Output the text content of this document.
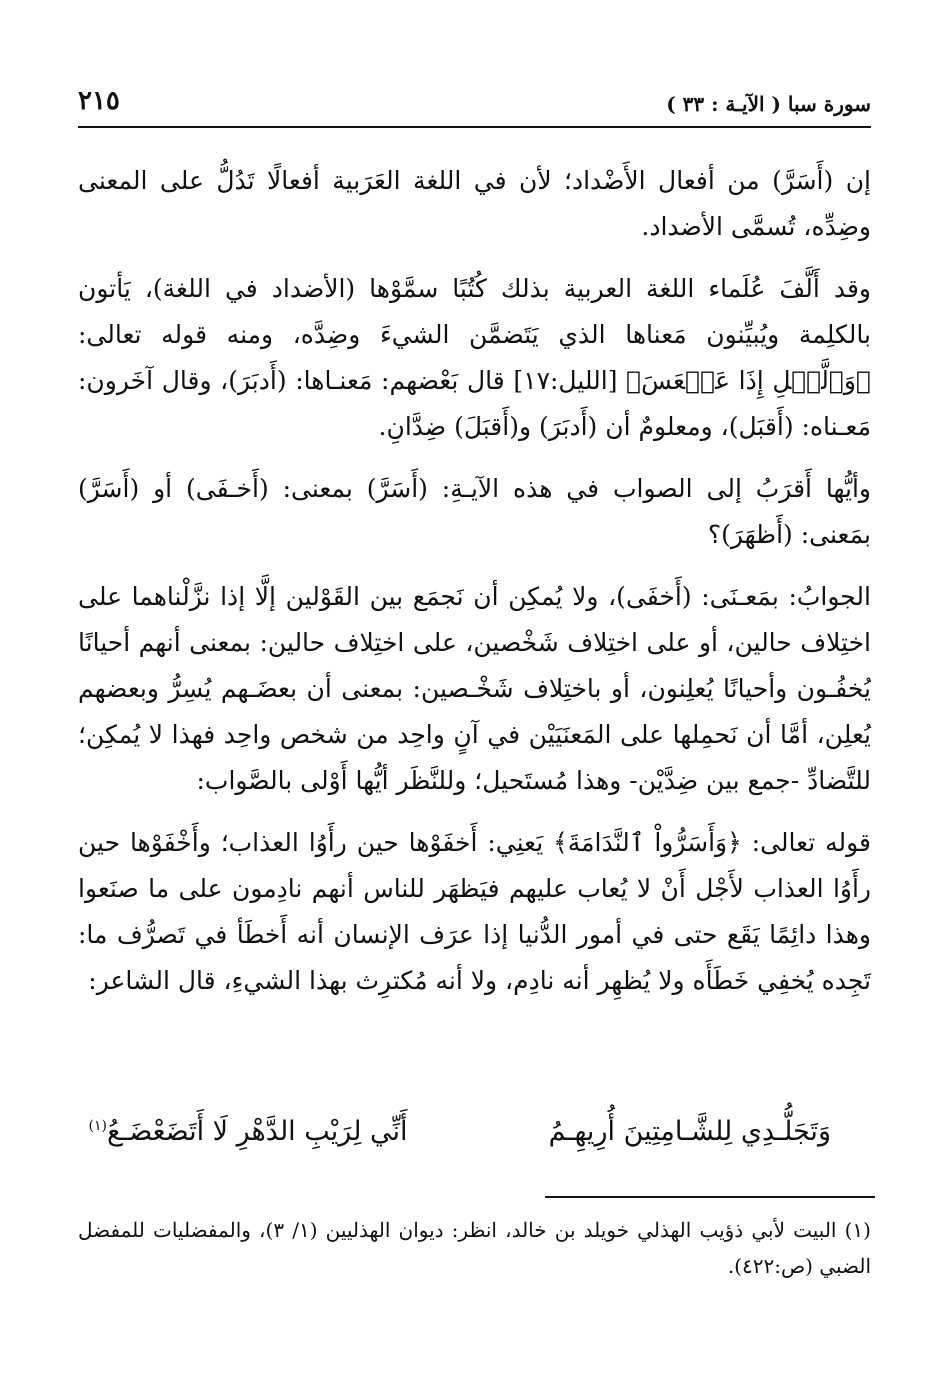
سورة سبا ( الآيـة : ٣٣ )
٢١٥

إن (أَسَرَّ) من أفعال الأَضْداد؛ لأن في اللغة العَرَبية أفعالًا تَدُلُّ على المعنى وضِدِّه، تُسمَّى الأضداد.

وقد أَلَّفَ عُلَماء اللغة العربية بذلك كُتُبًا سمَّوْها (الأضداد في اللغة)، يَأتون بالكلِمة ويُبيِّنون مَعناها الذي يَتَضمَّن الشيءَ وضِدَّه، ومنه قوله تعالى: ﴿وَٱلَّيۡلِ إِذَا عَسۡعَسَ﴾ [الليل:١٧] قال بَعْضهم: مَعنـاها: (أَدبَرَ)، وقال آخَرون: مَعـناه: (أَقبَل)، ومعلومٌ أن (أَدبَرَ) و(أَقبَلَ) ضِدَّانِ.

وأيُّها أَقرَبُ إلى الصواب في هذه الآيـةِ: (أَسَرَّ) بمعنى: (أَخـفَى) أو (أَسَرَّ) بمَعنى: (أَظهَرَ)؟

الجوابُ: بمَعـنَى: (أَخفَى)، ولا يُمكِن أن نَجمَع بين القَوْلين إلَّا إذا نزَّلْناهما على اختِلاف حالين، أو على اختِلاف شَخْصين، على اختِلاف حالين: بمعنى أنهم أحيانًا يُخفُـون وأحيانًا يُعلِنون، أو باختِلاف شَخْـصين: بمعنى أن بعضَـهم يُسِرُّ وبعضهم يُعلِن، أمَّا أن نَحمِلها على المَعنَيَيْن في آنٍ واحِد من شخص واحِد فهذا لا يُمكِن؛ للتَّضادِّ -جمع بين ضِدَّيْن- وهذا مُستَحيل؛ وللنَّظَر أيُّها أَوْلى بالصَّواب:

قوله تعالى: ﴿وَأَسَرُّواْ ٱلنَّدَامَةَ﴾ يَعنِي: أَخفَوْها حين رأَوُا العذاب؛ وأَخْفَوْها حين رأَوُا العذاب لأَجْل أَنْ لا يُعاب عليهم فيَظهَر للناس أنهم نادِمون على ما صنَعوا وهذا دائِمًا يَقَع حتى في أمور الدُّنيا إذا عرَف الإنسان أنه أَخطَأ في تَصرُّف ما: تَجِده يُخفِي خَطَأَه ولا يُظهِر أنه نادِم، ولا أنه مُكترِث بهذا الشيءِ، قال الشاعر:

وَتَجَلُّـدِي لِلشَّـامِتِينَ أُرِيهِـمُ
أَنِّي لِرَيْبِ الدَّهْرِ لَا أَتَضَعْضَـعُ$^{(١)}$
(١) البيت لأبي ذؤيب الهذلي خويلد بن خالد، انظر: ديوان الهذليين (١/ ٣)، والمفضليات للمفضل الضبي (ص:٤٢٢).
